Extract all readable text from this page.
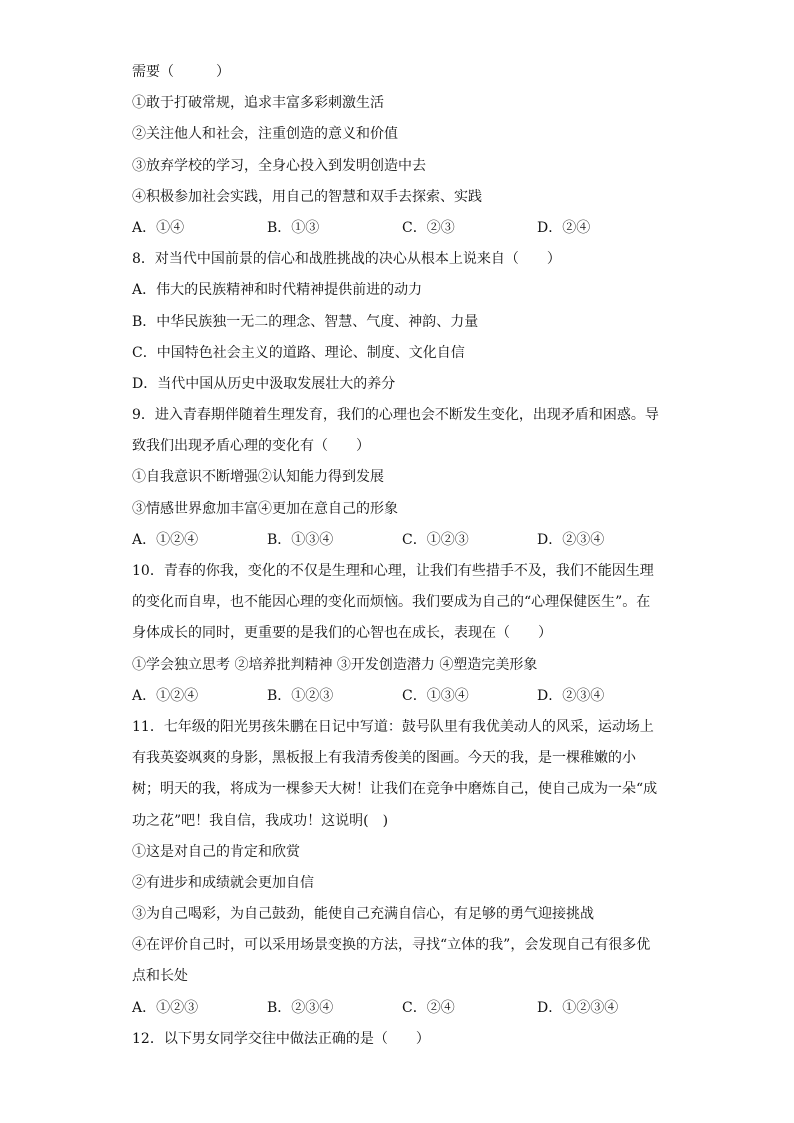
需要（　　　）
①敢于打破常规，追求丰富多彩刺激生活
②关注他人和社会，注重创造的意义和价值
③放弃学校的学习，全身心投入到发明创造中去
④积极参加社会实践，用自己的智慧和双手去探索、实践
A．①④	B．①③	C．②③	D．②④
8．对当代中国前景的信心和战胜挑战的决心从根本上说来自（　　）
A．伟大的民族精神和时代精神提供前进的动力
B．中华民族独一无二的理念、智慧、气度、神韵、力量
C．中国特色社会主义的道路、理论、制度、文化自信
D．当代中国从历史中汲取发展壮大的养分
9．进入青春期伴随着生理发育，我们的心理也会不断发生变化，出现矛盾和困惑。导
致我们出现矛盾心理的变化有（　　）
①自我意识不断增强②认知能力得到发展
③情感世界愈加丰富④更加在意自己的形象
A．①②④	B．①③④	C．①②③	D．②③④
10．青春的你我，变化的不仅是生理和心理，让我们有些措手不及，我们不能因生理
的变化而自卑，也不能因心理的变化而烦恼。我们要成为自己的“心理保健医生”。在
身体成长的同时，更重要的是我们的心智也在成长，表现在（　　）
①学会独立思考 ②培养批判精神 ③开发创造潜力 ④塑造完美形象
A．①②④	B．①②③	C．①③④	D．②③④
11．七年级的阳光男孩朱鹏在日记中写道：鼓号队里有我优美动人的风采，运动场上
有我英姿飒爽的身影，黑板报上有我清秀俊美的图画。今天的我，是一棵稚嫩的小
树；明天的我，将成为一棵参天大树！让我们在竞争中磨炼自己，使自己成为一朵“成
功之花”吧！我自信，我成功！这说明(　)
①这是对自己的肯定和欣赏
②有进步和成绩就会更加自信
③为自己喝彩，为自己鼓劲，能使自己充满自信心，有足够的勇气迎接挑战
④在评价自己时，可以采用场景变换的方法，寻找“立体的我”，会发现自己有很多优
点和长处
A．①②③	B．②③④	C．②④	D．①②③④
12．以下男女同学交往中做法正确的是（　　）
